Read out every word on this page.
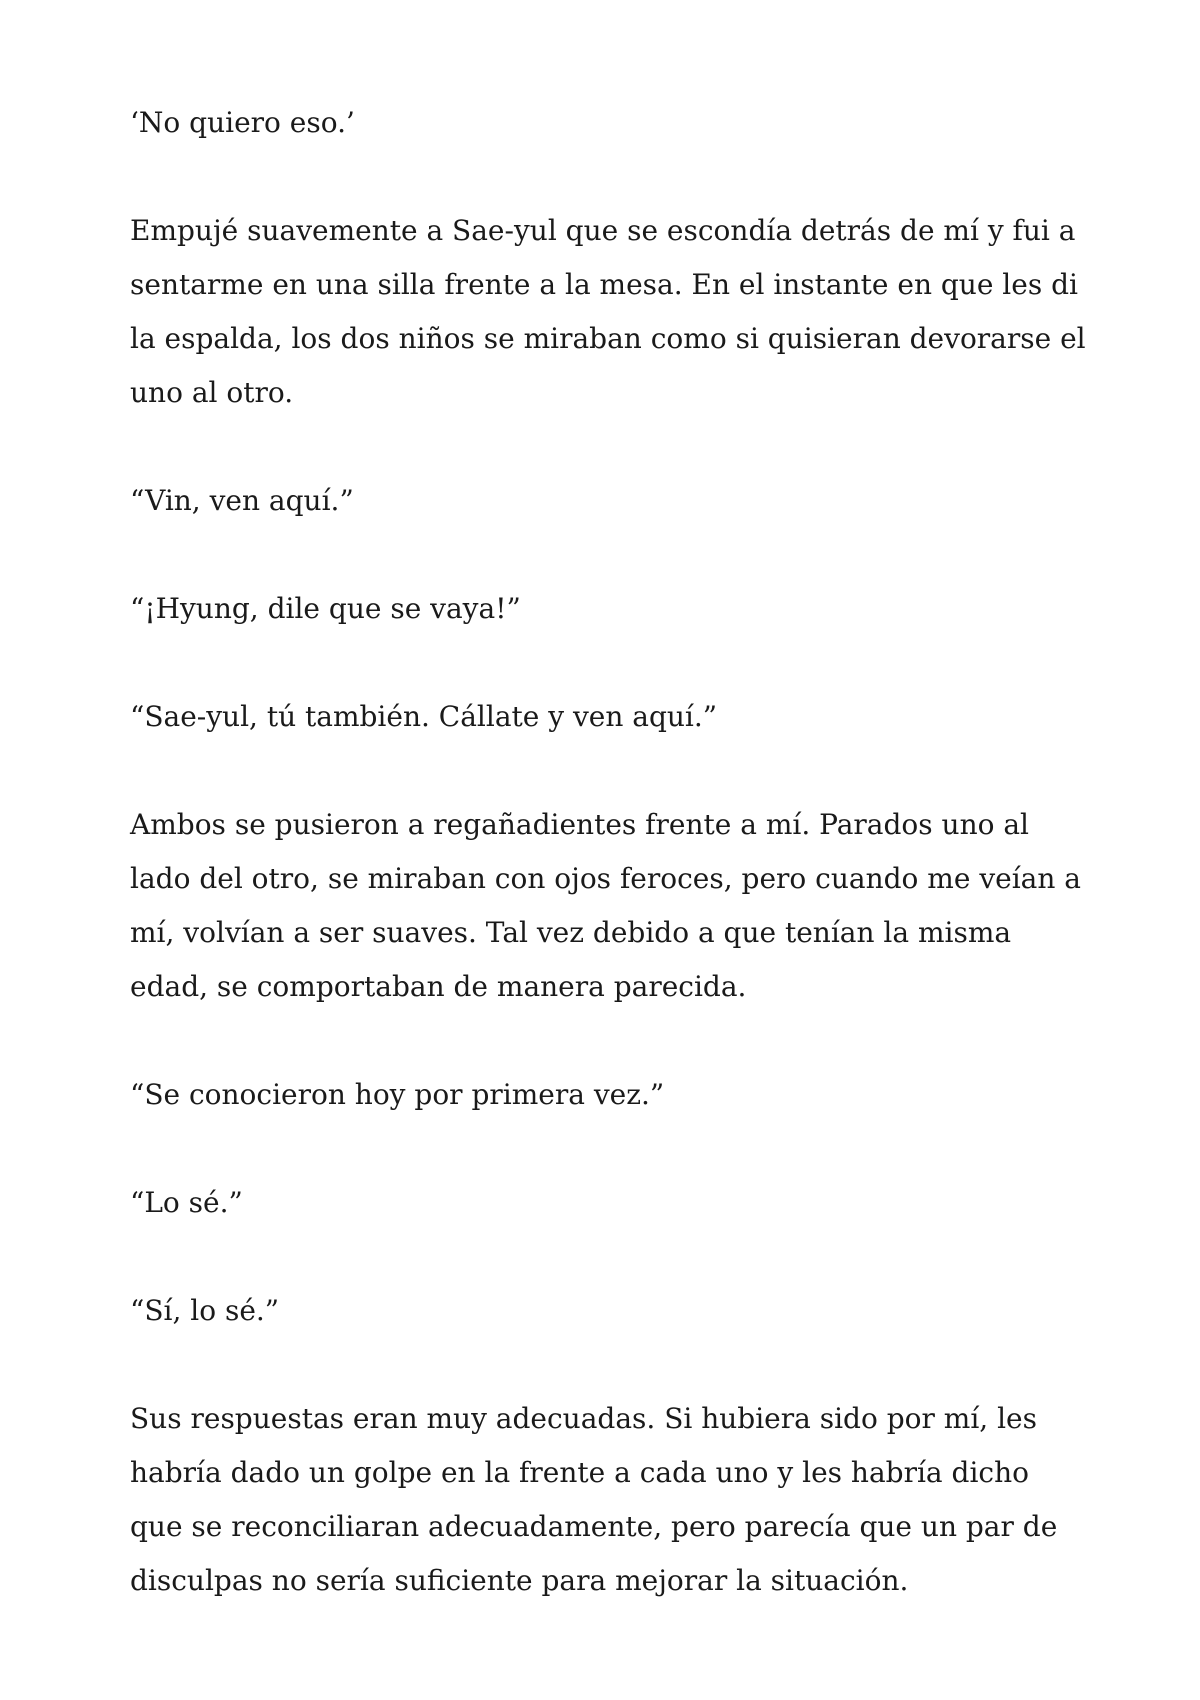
‘No quiero eso.’

Empujé suavemente a Sae-yul que se escondía detrás de mí y fui a sentarme en una silla frente a la mesa. En el instante en que les di la espalda, los dos niños se miraban como si quisieran devorarse el uno al otro.

“Vin, ven aquí.”

“¡Hyung, dile que se vaya!”

“Sae-yul, tú también. Cállate y ven aquí.”

Ambos se pusieron a regañadientes frente a mí. Parados uno al lado del otro, se miraban con ojos feroces, pero cuando me veían a mí, volvían a ser suaves. Tal vez debido a que tenían la misma edad, se comportaban de manera parecida.

“Se conocieron hoy por primera vez.”

“Lo sé.”

“Sí, lo sé.”

Sus respuestas eran muy adecuadas. Si hubiera sido por mí, les habría dado un golpe en la frente a cada uno y les habría dicho que se reconciliaran adecuadamente, pero parecía que un par de disculpas no sería suficiente para mejorar la situación.
